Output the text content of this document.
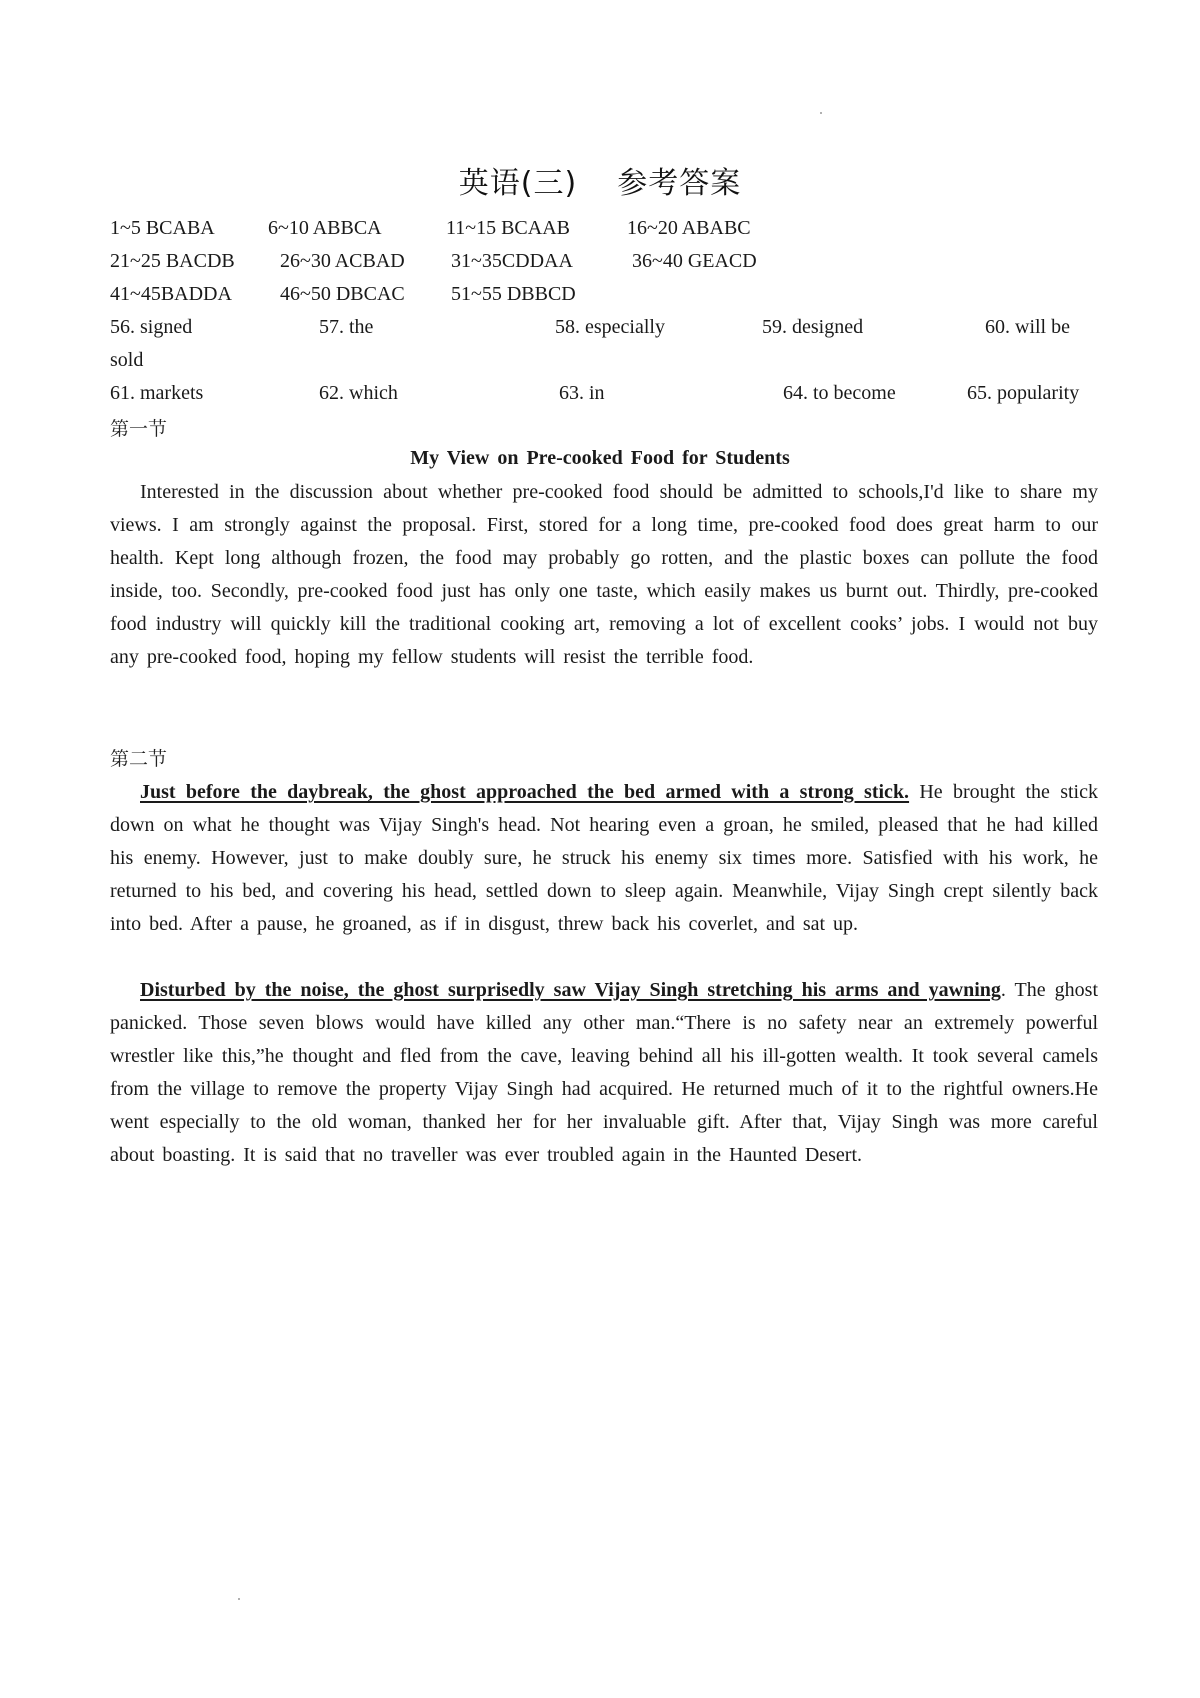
英语(三) 参考答案
1~5 BCABA	6~10 ABBCA	11~15 BCAAB	16~20 ABABC
21~25 BACDB 26~30 ACBAD 31~35CDDAA	36~40 GEACD
41~45BADDA 46~50 DBCAC 51~55 DBBCD
56. signed	57. the	58. especially	59. designed	60. will be
sold
61. markets	62. which	63. in	64. to become	65. popularity
第一节
My View on Pre-cooked Food for Students

Interested in the discussion about whether pre-cooked food should be admitted to schools,I'd like to share my views. I am strongly against the proposal. First, stored for a long time, pre-cooked food does great harm to our health. Kept long although frozen, the food may probably go rotten, and the plastic boxes can pollute the food inside, too. Secondly, pre-cooked food just has only one taste, which easily makes us burnt out. Thirdly, pre-cooked food industry will quickly kill the traditional cooking art, removing a lot of excellent cooks’ jobs. I would not buy any pre-cooked food, hoping my fellow students will resist the terrible food.

第二节

Just before the daybreak, the ghost approached the bed armed with a strong stick. He brought the stick down on what he thought was Vijay Singh's head. Not hearing even a groan, he smiled, pleased that he had killed his enemy. However, just to make doubly sure, he struck his enemy six times more. Satisfied with his work, he returned to his bed, and covering his head, settled down to sleep again. Meanwhile, Vijay Singh crept silently back into bed. After a pause, he groaned, as if in disgust, threw back his coverlet, and sat up.

Disturbed by the noise, the ghost surprisedly saw Vijay Singh stretching his arms and yawning. The ghost panicked. Those seven blows would have killed any other man.“There is no safety near an extremely powerful wrestler like this,”he thought and fled from the cave, leaving behind all his ill-gotten wealth. It took several camels from the village to remove the property Vijay Singh had acquired. He returned much of it to the rightful owners.He went especially to the old woman, thanked her for her invaluable gift. After that, Vijay Singh was more careful about boasting. It is said that no traveller was ever troubled again in the Haunted Desert.
